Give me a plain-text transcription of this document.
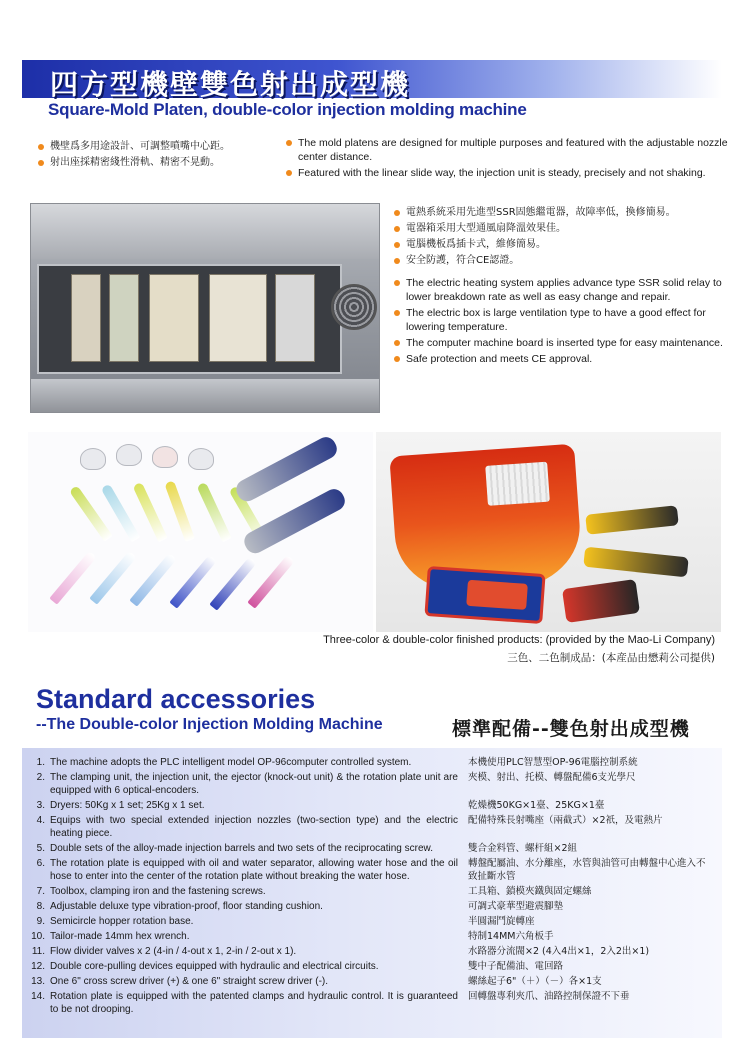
四方型機壁雙色射出成型機
Square-Mold Platen, double-color injection molding machine
機壁爲多用途設計、可調整噴嘴中心距。
射出座採精密綫性滑軌、精密不晃動。
The mold platens are designed for multiple purposes and featured with the adjustable nozzle center distance.
Featured with the linear slide way, the injection unit is steady, precisely and not shaking.
電熱系統采用先進型SSR固態繼電器，故障率低，換修簡易。
電器箱采用大型通風扇降溫效果佳。
電腦機板爲插卡式，維修簡易。
安全防護，符合CE認證。
The electric heating system applies advance type SSR solid relay to lower breakdown rate as well as easy change and repair.
The electric box is large ventilation type to have a good effect for lowering temperature.
The computer machine board is inserted type for easy maintenance.
Safe protection and meets CE approval.
Three-color & double-color finished products: (provided by the Mao-Li Company)
三色、二色制成品：(本産品由懋莉公司提供)
Standard accessories
--The Double-color Injection Molding Machine	標準配備--雙色射出成型機
1. The machine adopts the PLC intelligent model OP-96computer controlled system.	本機使用PLC智慧型OP-96電腦控制系統
2. The clamping unit, the injection unit, the ejector (knock-out unit) & the rotation plate unit are equipped with 6 optical-encoders.
夾模、射出、托模、轉盤配備6支光學尺
3. Dryers: 50Kg x 1 set; 25Kg x 1 set.	乾燥機50KG×1臺、25KG×1臺
4. Equips with two special extended injection nozzles (two-section type) and the electric heating piece.
配備特殊長射嘴座（兩截式）×2祇，及電熱片
5. Double sets of the alloy-made injection barrels and two sets of the reciprocating screw.	雙合金料管、螺杆組×2組
6. The rotation plate is equipped with oil and water separator, allowing water hose and the oil hose to enter into the center of the rotation plate without breaking the water hose.
轉盤配屬油、水分離座，水管與油管可由轉盤中心進入不致扯斷水管
7. Toolbox, clamping iron and the fastening screws.	工具箱、鎖模夾鐵與固定螺絲
8. Adjustable deluxe type vibration-proof, floor standing cushion.	可調式豪華型避震腳墊
9. Semicircle hopper rotation base.	半圓漏鬥旋轉座
10. Tailor-made 14mm hex wrench.	特制14MM六角板手
11. Flow divider valves x 2 (4-in / 4-out x 1, 2-in / 2-out x 1).	水路器分流閥×2 (4入4出×1，2入2出×1)
12. Double core-pulling devices equipped with hydraulic and electrical circuits.	雙中子配備油、電回路
13. One 6" cross screw driver (+) & one 6" straight screw driver (-).	螺絲起子6"（＋）（－）各×1支
14. Rotation plate is equipped with the patented clamps and hydraulic control. It is guaranteed to be not drooping.
回轉盤專利夾爪、油路控制保證不下垂
